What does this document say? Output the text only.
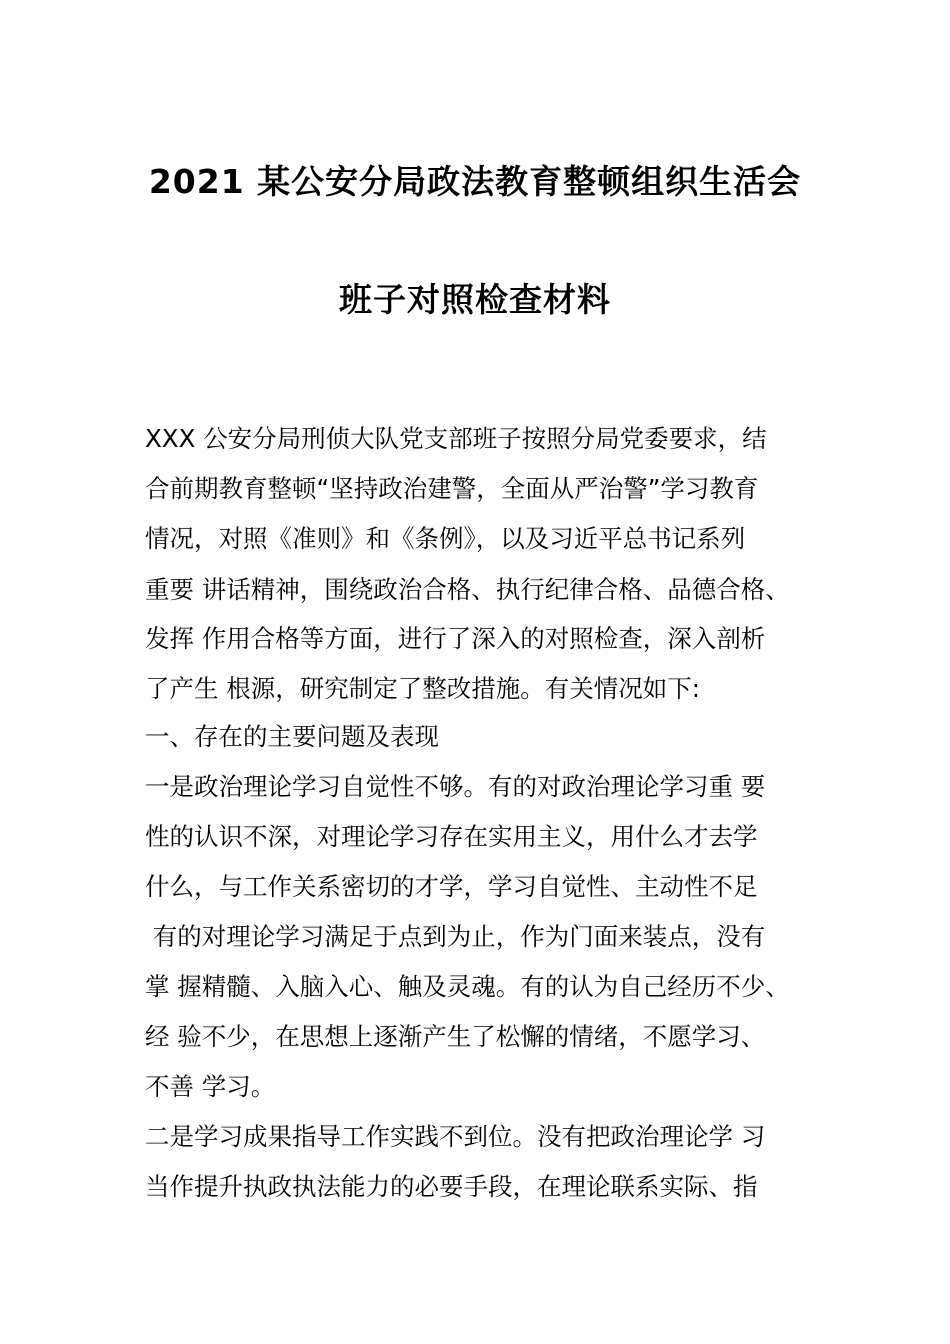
2021 某公安分局政法教育整顿组织生活会
班子对照检查材料
XXX 公安分局刑侦大队党支部班子按照分局党委要求，结
合前期教育整顿“坚持政治建警，全面从严治警”学习教育
情况，对照《准则》和《条例》，以及习近平总书记系列
重要 讲话精神，围绕政治合格、执行纪律合格、品德合格、
发挥 作用合格等方面，进行了深入的对照检查，深入剖析
了产生 根源，研究制定了整改措施。有关情况如下:
一、存在的主要问题及表现
一是政治理论学习自觉性不够。有的对政治理论学习重 要
性的认识不深，对理论学习存在实用主义，用什么才去学
什么，与工作关系密切的才学，学习自觉性、主动性不足
有的对理论学习满足于点到为止，作为门面来装点，没有
掌 握精髓、入脑入心、触及灵魂。有的认为自己经历不少、
经 验不少，在思想上逐渐产生了松懈的情绪，不愿学习、
不善 学习。
二是学习成果指导工作实践不到位。没有把政治理论学 习
当作提升执政执法能力的必要手段，在理论联系实际、指
